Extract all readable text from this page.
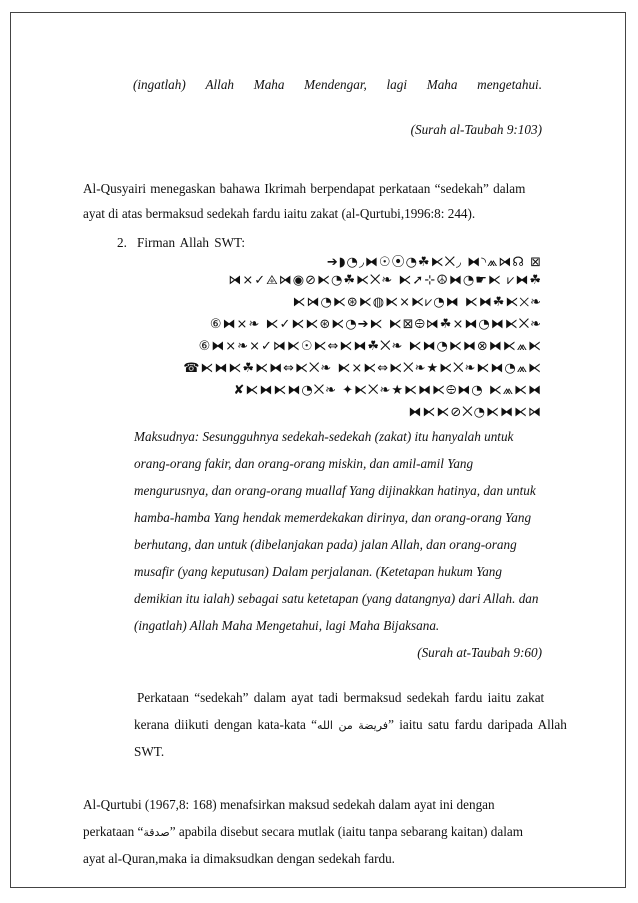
(ingatlah) Allah Maha Mendengar, lagi Maha mengetahui.
(Surah al-Taubah 9:103)
Al-Qusyairi menegaskan bahawa Ikrimah berpendapat perkataan “sedekah” dalam
ayat di atas bermaksud sedekah fardu iaitu zakat (al-Qurtubi,1996:8: 244).
2. Firman Allah SWT:
➔◗◔◞⧓☉⦿◔☘⧔⨉◞ ⧓◝⩕⧒☊ ⊠
⧒⨯✓⨹⧒◉⊘⧔◔☘⧔⨉❧ ⧔➚⊹☮⧓◔☛⧔ ⩗⧓☘
⧔⧒◔⧔⊛⧔◍⧔⨯⧔⩗◔⧓ ⧔⧓☘⧔⨉❧
⑥⧓⨯❧ ⧔✓⧔⧔⊛⧔◔➔⧔ ⧔⊠⨸⧒☘⨯⧓◔⧓⧔⨉❧
⑥⧓⨯❧⨯✓⧒⧔☉⧔⇔⧔⧓☘⨉❧ ⧔⧓◔⧔⧓⊗⧓⧔⩕⧔
☎⧔⧓⧔☘⧔⧓⇔⧔⨉❧ ⧔⨯⧔⇔⧔⨉❧★⧔⨉❧⧔⧓◔⩕⧔
✘⧔⧓⧔⧓◔⨉❧ ✦⧔⨉❧★⧔⧓⧔⨸⧓◔ ⧔⩕⧔⧓
⧓⧔⧔⊘⨉◔⧔⧓⧔⧒
Maksudnya: Sesungguhnya sedekah-sedekah (zakat) itu hanyalah untuk
orang-orang fakir, dan orang-orang miskin, dan amil-amil Yang
mengurusnya, dan orang-orang muallaf Yang dijinakkan hatinya, dan untuk
hamba-hamba Yang hendak memerdekakan dirinya, dan orang-orang Yang
berhutang, dan untuk (dibelanjakan pada) jalan Allah, dan orang-orang
musafir (yang keputusan) Dalam perjalanan. (Ketetapan hukum Yang
demikian itu ialah) sebagai satu ketetapan (yang datangnya) dari Allah. dan
(ingatlah) Allah Maha Mengetahui, lagi Maha Bijaksana.
(Surah at-Taubah 9:60)
Perkataan “sedekah” dalam ayat tadi bermaksud sedekah fardu iaitu zakat
kerana diikuti dengan kata-kata “فريضة من الله” iaitu satu fardu daripada Allah
SWT.
Al-Qurtubi (1967,8: 168) menafsirkan maksud sedekah dalam ayat ini dengan
perkataan “صدقة” apabila disebut secara mutlak (iaitu tanpa sebarang kaitan) dalam
ayat al-Quran,maka ia dimaksudkan dengan sedekah fardu.
